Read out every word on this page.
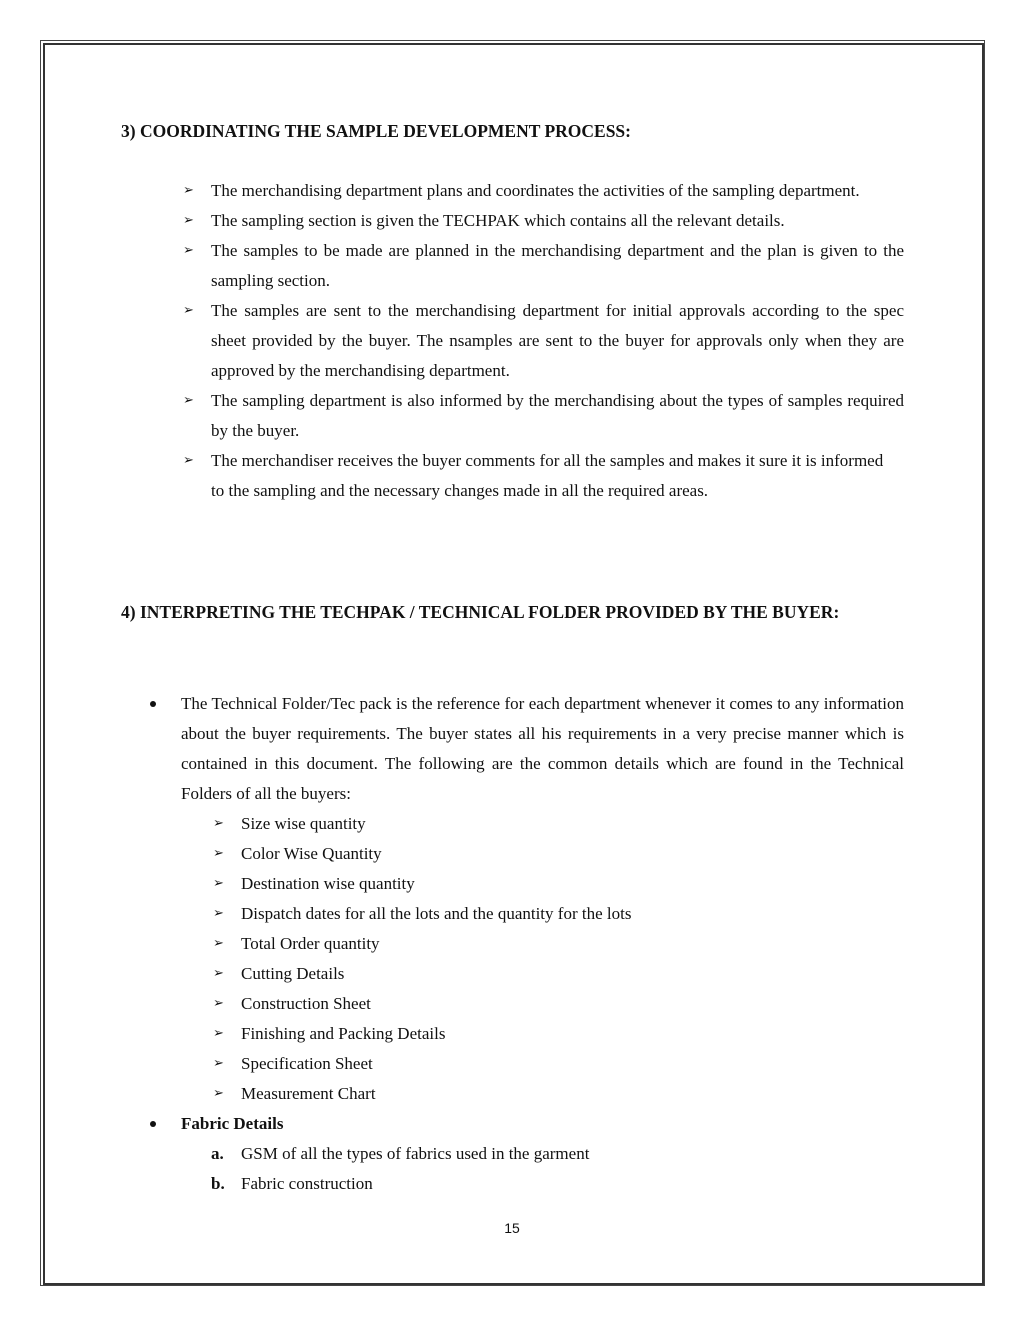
3) COORDINATING THE SAMPLE DEVELOPMENT PROCESS:
➢ The merchandising department plans and coordinates the activities of the sampling department.
➢ The sampling section is given the TECHPAK which contains all the relevant details.
➢ The samples to be made are planned in the merchandising department and the plan is given to the sampling section.
➢ The samples are sent to the merchandising department for initial approvals according to the spec sheet provided by the buyer. The nsamples are sent to the buyer for approvals only when they are approved by the merchandising department.
➢ The sampling department is also informed by the merchandising about the types of samples required by the buyer.
➢ The merchandiser receives the buyer comments for all the samples and makes it sure it is informed to the sampling and the necessary changes made in all the required areas.
4) INTERPRETING THE TECHPAK / TECHNICAL FOLDER PROVIDED BY THE BUYER:
The Technical Folder/Tec pack is the reference for each department whenever it comes to any information about the buyer requirements. The buyer states all his requirements in a very precise manner which is contained in this document. The following are the common details which are found in the Technical Folders of all the buyers:
➢ Size wise quantity
➢ Color Wise Quantity
➢ Destination wise quantity
➢ Dispatch dates for all the lots and the quantity for the lots
➢ Total Order quantity
➢ Cutting Details
➢ Construction Sheet
➢ Finishing and Packing Details
➢ Specification Sheet
➢ Measurement Chart
Fabric Details
a. GSM of all the types of fabrics used in the garment
b. Fabric construction
15
